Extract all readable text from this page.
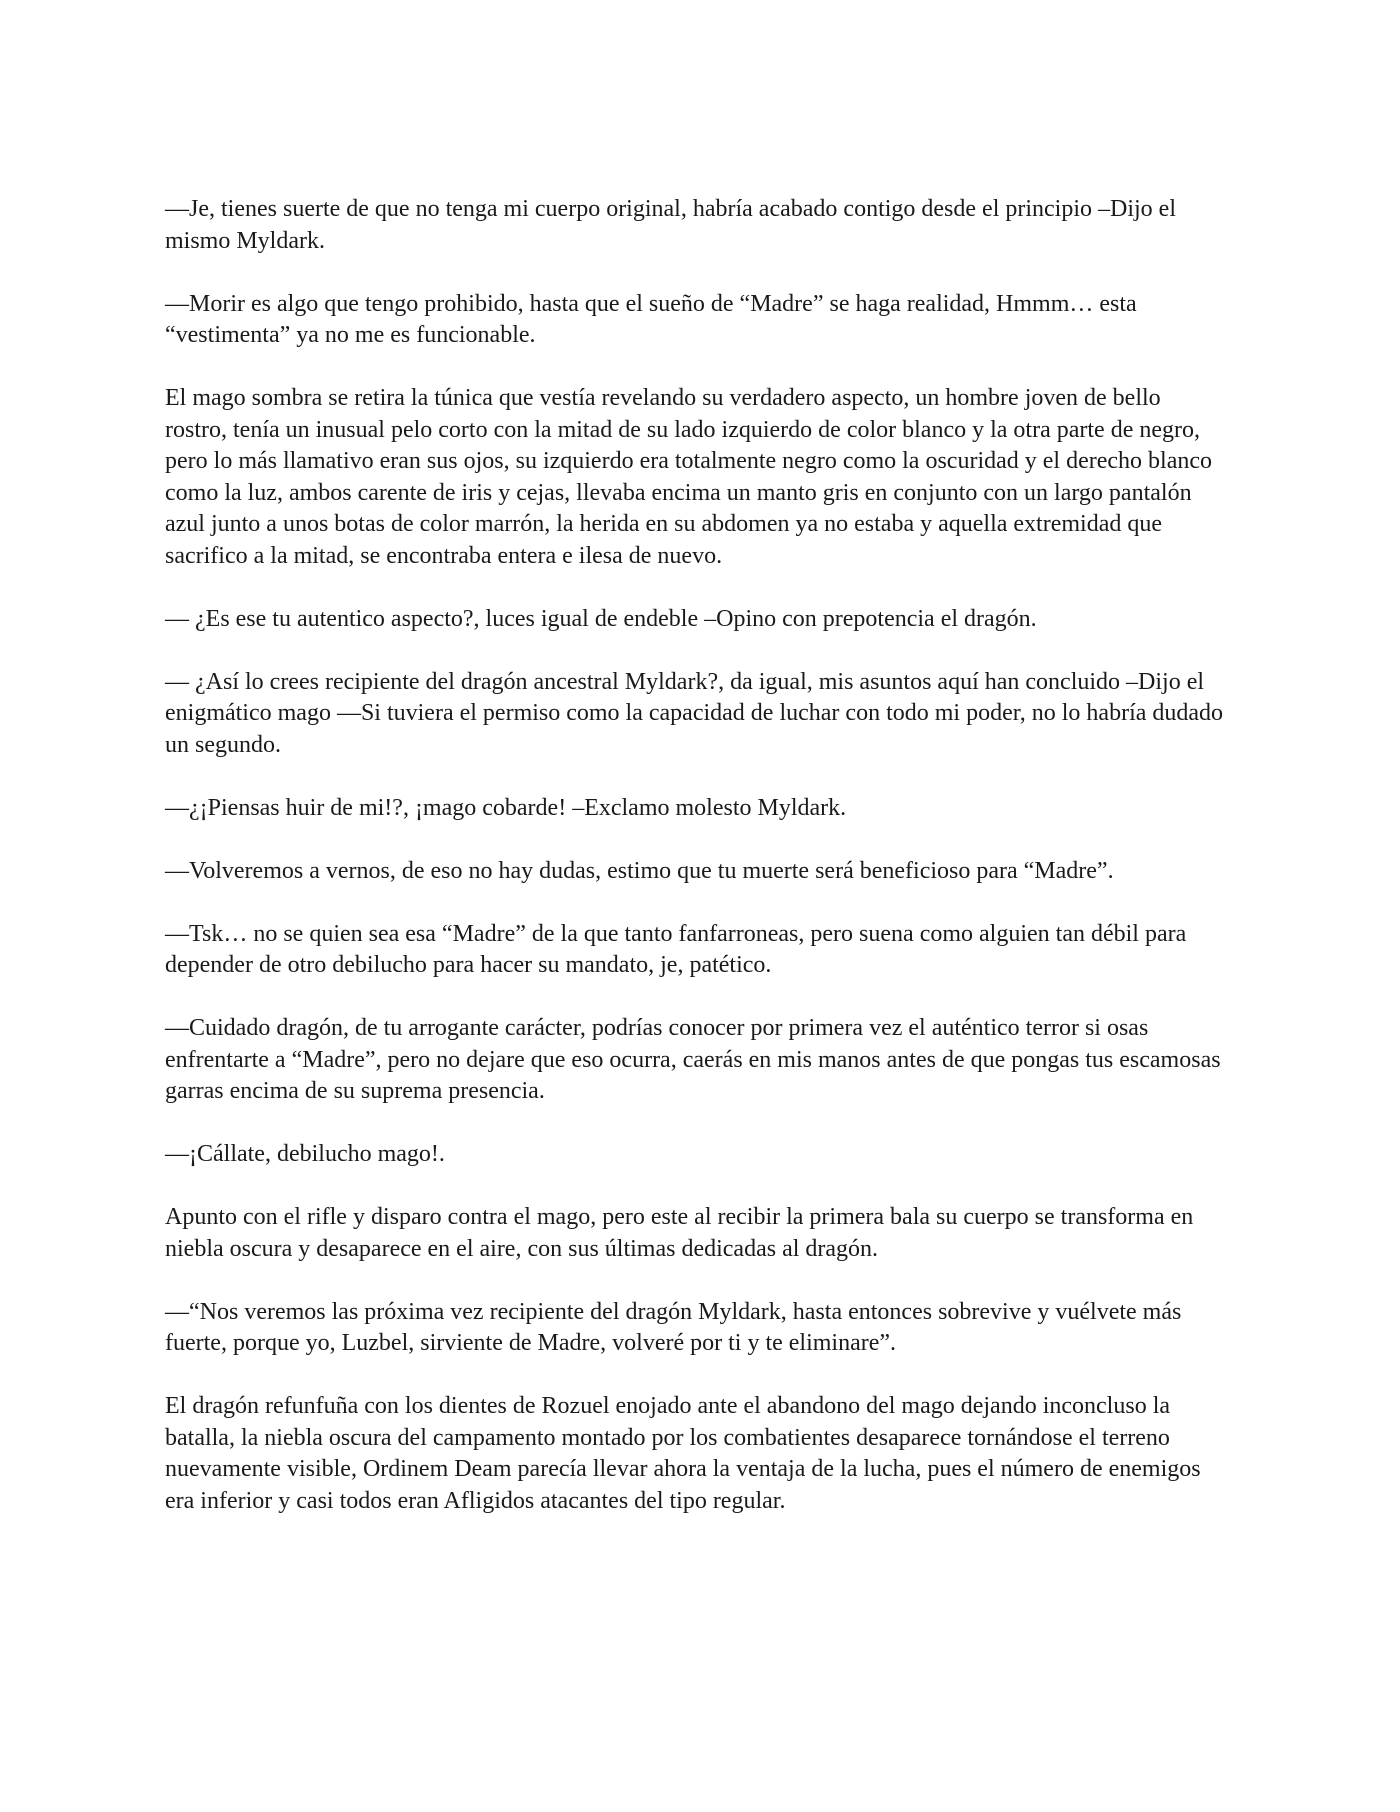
—Je, tienes suerte de que no tenga mi cuerpo original, habría acabado contigo desde el principio –Dijo el mismo Myldark.

—Morir es algo que tengo prohibido, hasta que el sueño de “Madre” se haga realidad, Hmmm… esta “vestimenta” ya no me es funcionable.

El mago sombra se retira la túnica que vestía revelando su verdadero aspecto, un hombre joven de bello rostro, tenía un inusual pelo corto con la mitad de su lado izquierdo de color blanco y la otra parte de negro, pero lo más llamativo eran sus ojos, su izquierdo era totalmente negro como la oscuridad y el derecho blanco como la luz, ambos carente de iris y cejas, llevaba encima un manto gris en conjunto con un largo pantalón azul junto a unos botas de color marrón, la herida en su abdomen ya no estaba y aquella extremidad que sacrifico a la mitad, se encontraba entera e ilesa de nuevo.

— ¿Es ese tu autentico aspecto?, luces igual de endeble –Opino con prepotencia el dragón.

— ¿Así lo crees recipiente del dragón ancestral Myldark?, da igual, mis asuntos aquí han concluido –Dijo el enigmático mago —Si tuviera el permiso como la capacidad de luchar con todo mi poder, no lo habría dudado un segundo.

—¿¡Piensas huir de mi!?, ¡mago cobarde! –Exclamo molesto Myldark.

—Volveremos a vernos, de eso no hay dudas, estimo que tu muerte será beneficioso para “Madre”.

—Tsk… no se quien sea esa “Madre” de la que tanto fanfarroneas, pero suena como alguien tan débil para depender de otro debilucho para hacer su mandato, je, patético.

—Cuidado dragón, de tu arrogante carácter, podrías conocer por primera vez el auténtico terror si osas enfrentarte a “Madre”, pero no dejare que eso ocurra, caerás en mis manos antes de que pongas tus escamosas garras encima de su suprema presencia.

—¡Cállate, debilucho mago!.

Apunto con el rifle y disparo contra el mago, pero este al recibir la primera bala su cuerpo se transforma en niebla oscura y desaparece en el aire, con sus últimas dedicadas al dragón.

—“Nos veremos las próxima vez recipiente del dragón Myldark, hasta entonces sobrevive y vuélvete más fuerte, porque yo, Luzbel, sirviente de Madre, volveré por ti y te eliminare”.

El dragón refunfuña con los dientes de Rozuel enojado ante el abandono del mago dejando inconcluso la batalla, la niebla oscura del campamento montado por los combatientes desaparece tornándose el terreno nuevamente visible, Ordinem Deam parecía llevar ahora la ventaja de la lucha, pues el número de enemigos era inferior y casi todos eran Afligidos atacantes del tipo regular.
